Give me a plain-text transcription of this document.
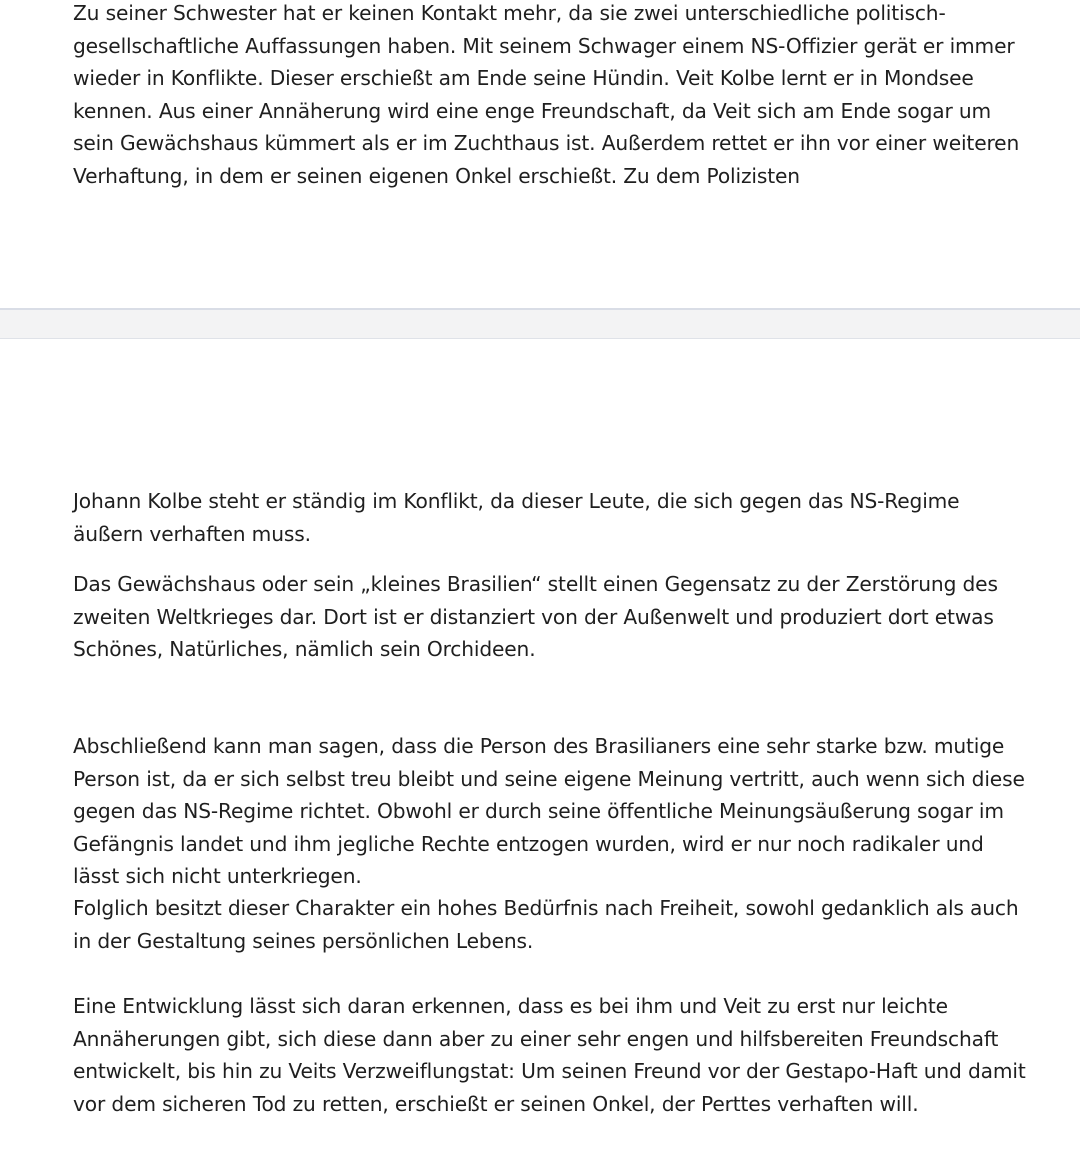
Zu seiner Schwester hat er keinen Kontakt mehr, da sie zwei unterschiedliche politisch-gesellschaftliche Auffassungen haben. Mit seinem Schwager einem NS-Offizier gerät er immer wieder in Konflikte. Dieser erschießt am Ende seine Hündin. Veit Kolbe lernt er in Mondsee kennen. Aus einer Annäherung wird eine enge Freundschaft, da Veit sich am Ende sogar um sein Gewächshaus kümmert als er im Zuchthaus ist. Außerdem rettet er ihn vor einer weiteren Verhaftung, in dem er seinen eigenen Onkel erschießt. Zu dem Polizisten

Johann Kolbe steht er ständig im Konflikt, da dieser Leute, die sich gegen das NS-Regime äußern verhaften muss.

Das Gewächshaus oder sein „kleines Brasilien“ stellt einen Gegensatz zu der Zerstörung des zweiten Weltkrieges dar. Dort ist er distanziert von der Außenwelt und produziert dort etwas Schönes, Natürliches, nämlich sein Orchideen.

Abschließend kann man sagen, dass die Person des Brasilianers eine sehr starke bzw. mutige Person ist, da er sich selbst treu bleibt und seine eigene Meinung vertritt, auch wenn sich diese gegen das NS-Regime richtet. Obwohl er durch seine öffentliche Meinungsäußerung sogar im Gefängnis landet und ihm jegliche Rechte entzogen wurden, wird er nur noch radikaler und lässt sich nicht unterkriegen.

Folglich besitzt dieser Charakter ein hohes Bedürfnis nach Freiheit, sowohl gedanklich als auch in der Gestaltung seines persönlichen Lebens.

Eine Entwicklung lässt sich daran erkennen, dass es bei ihm und Veit zu erst nur leichte Annäherungen gibt, sich diese dann aber zu einer sehr engen und hilfsbereiten Freundschaft entwickelt, bis hin zu Veits Verzweiflungstat: Um seinen Freund vor der Gestapo-Haft und damit vor dem sicheren Tod zu retten, erschießt er seinen Onkel, der Perttes verhaften will.
